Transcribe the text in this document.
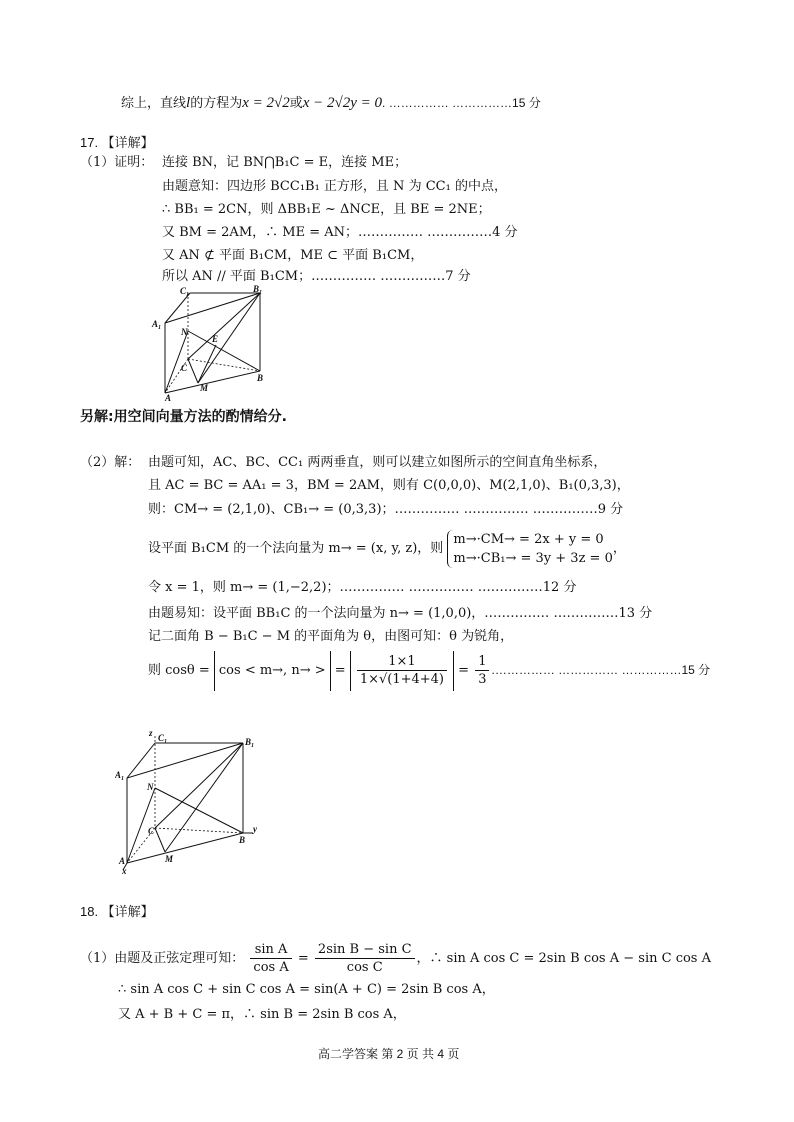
综上，直线l的方程为x = 2√2或x − 2√2y = 0. …………… ……………15 分
17. 【详解】
（1）证明： 连接 BN，记 BN⋂B₁C = E，连接 ME；
由题意知：四边形 BCC₁B₁ 正方形，且 N 为 CC₁ 的中点，
∴ BB₁ = 2CN，则 ΔBB₁E ~ ΔNCE，且 BE = 2NE；
又 BM = 2AM，∴ ME = AN；…………… ……………4 分
又 AN ⊄ 平面 B₁CM，ME ⊂ 平面 B₁CM，
所以 AN // 平面 B₁CM；…………… ……………7 分
C 1
B 1
A 1 N
E
C
M
A
B
另解:用空间向量方法的酌情给分.
（2）解： 由题可知，AC、BC、CC₁ 两两垂直，则可以建立如图所示的空间直角坐标系，
且 AC = BC = AA₁ = 3，BM = 2AM，则有 C(0,0,0)、M(2,1,0)、B₁(0,3,3)，
则：CM→ = (2,1,0)、CB₁→ = (0,3,3)；…………… …………… ……………9 分
设平面 B₁CM 的一个法向量为 m→ = (x, y, z)，则
m→·CM→ = 2x + y = 0
m→·CB₁→ = 3y + 3z = 0
，
令 x = 1，则 m→ = (1,−2,2)；…………… …………… ……………12 分
由题易知：设平面 BB₁C 的一个法向量为 n→ = (1,0,0)，…………… ……………13 分
记二面角 B − B₁C − M 的平面角为 θ，由图可知：θ 为锐角，
则 cosθ = cos < m→, n→ > = $\frac{1\times 1}{1\times√(1+4+4)} = \frac{1}{3}$ .…………… …………… ……………15 分
z C 1	B 1
A 1
N
C	y
B
M
A
x
18. 【详解】
（1）由题及正弦定理可知： $\frac{\text{sin A}}{\text{cos A}} = \frac{\text{2sin B − sin C}}{\text{cos C}}$ ，∴ sin A cos C = 2sin B cos A − sin C cos A
∴ sin A cos C + sin C cos A = sin(A + C) = 2sin B cos A，
又 A + B + C = π，∴ sin B = 2sin B cos A，
高二学答案 第 2 页 共 4 页
